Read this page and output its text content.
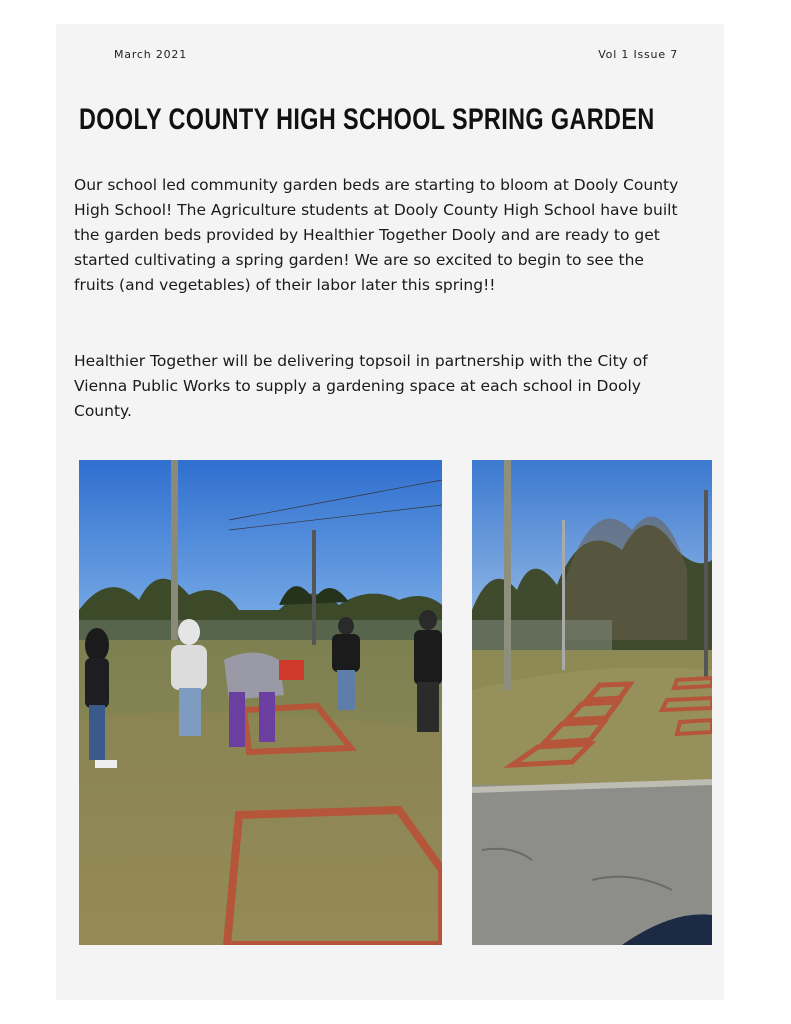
March 2021	Vol 1 Issue 7
DOOLY COUNTY HIGH SCHOOL SPRING GARDEN

Our school led community garden beds are starting to bloom at Dooly County High School! The Agriculture students at Dooly County High School have built the garden beds provided by Healthier Together Dooly and are ready to get started cultivating a spring garden! We are so excited to begin to see the fruits (and vegetables) of their labor later this spring!!

Healthier Together will be delivering topsoil in partnership with the City of Vienna Public Works to supply a gardening space at each school in Dooly County.
